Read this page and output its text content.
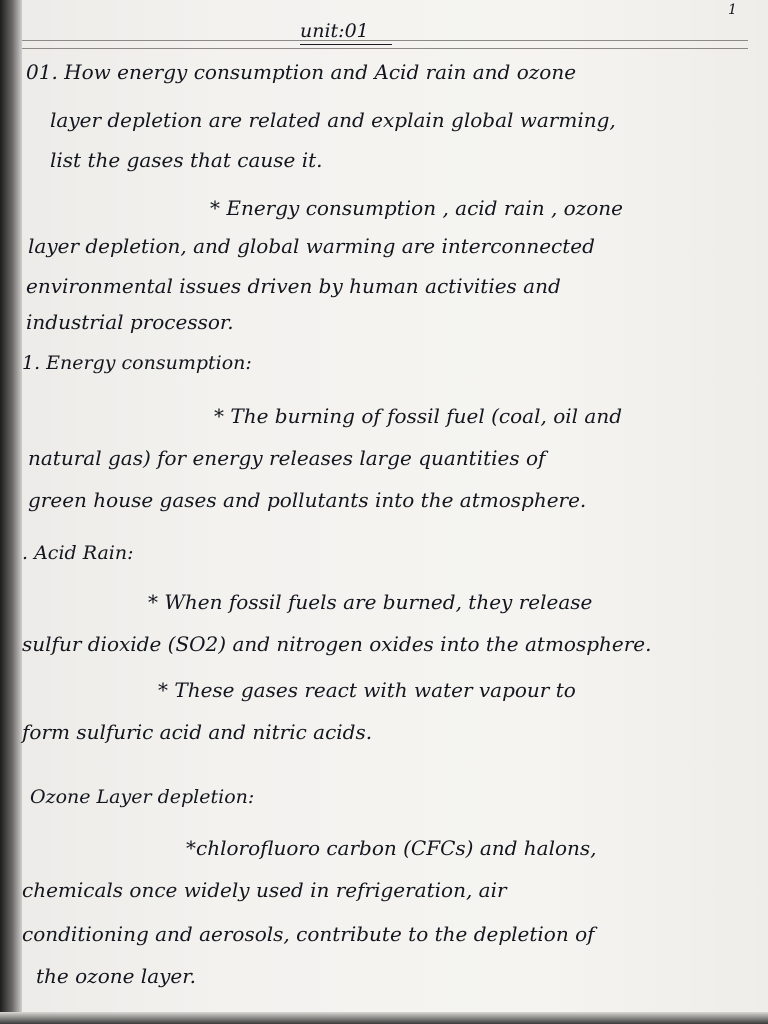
1
unit:01
01. How energy consumption and Acid rain and ozone
layer depletion are related and explain global warming,
list the gases that cause it.
* Energy consumption , acid rain , ozone
layer depletion, and global warming are interconnected
environmental issues driven by human activities and
industrial processor.
1. Energy consumption:
* The burning of fossil fuel (coal, oil and
natural gas) for energy releases large quantities of
green house gases and pollutants into the atmosphere.
. Acid Rain:
* When fossil fuels are burned, they release
sulfur dioxide (SO2) and nitrogen oxides into the atmosphere.
* These gases react with water vapour to
form sulfuric acid and nitric acids.
Ozone Layer depletion:
*chlorofluoro carbon (CFCs) and halons,
chemicals once widely used in refrigeration, air
conditioning and aerosols, contribute to the depletion of
the ozone layer.
